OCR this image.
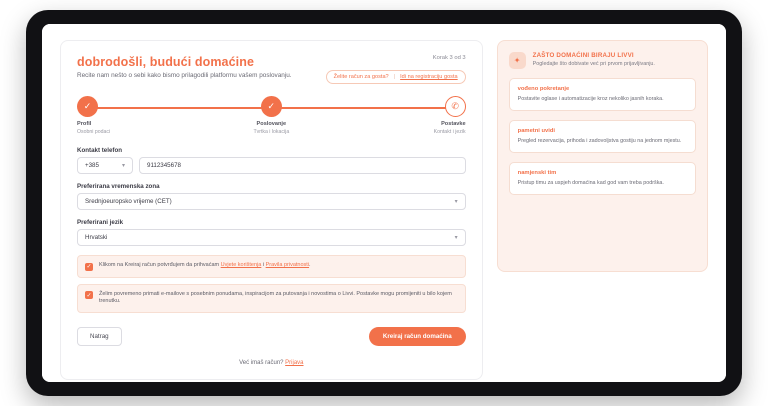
dobrodošli, budući domaćine
Recite nam nešto o sebi kako bismo prilagodili platformu vašem poslovanju.
Korak 3 od 3
Želite račun za gosta? | Idi na registraciju gosta
✓
Profil
Osobni podaci
✓
Poslovanje
Tvrtka i lokacija
✆
Postavke
Kontakt i jezik
Kontakt telefon
+385	▾	9112345678
Preferirana vremenska zona
Srednjoeuropsko vrijeme (CET)	▾
Preferirani jezik
Hrvatski	▾
✓ Klikom na Kreiraj račun potvrđujem da prihvaćam Uvjete korištenja i Pravila privatnosti.
✓ Želim povremeno primati e-mailove s posebnim ponudama, inspiracijom za putovanja i novostima o Livvi. Postavke mogu promijeniti u bilo kojem trenutku.
Natrag	Kreiraj račun domaćina
Već imaš račun? Prijava
✦
ZAŠTO DOMAĆINI BIRAJU LIVVI
Pogledajte što dobivate već pri prvom prijavljivanju.
vođeno pokretanje
Postavite oglase i automatizacije kroz nekoliko jasnih koraka.
pametni uvidi
Pregled rezervacija, prihoda i zadovoljstva gostiju na jednom mjestu.
namjenski tim
Pristup timu za uspjeh domaćina kad god vam treba podrška.
